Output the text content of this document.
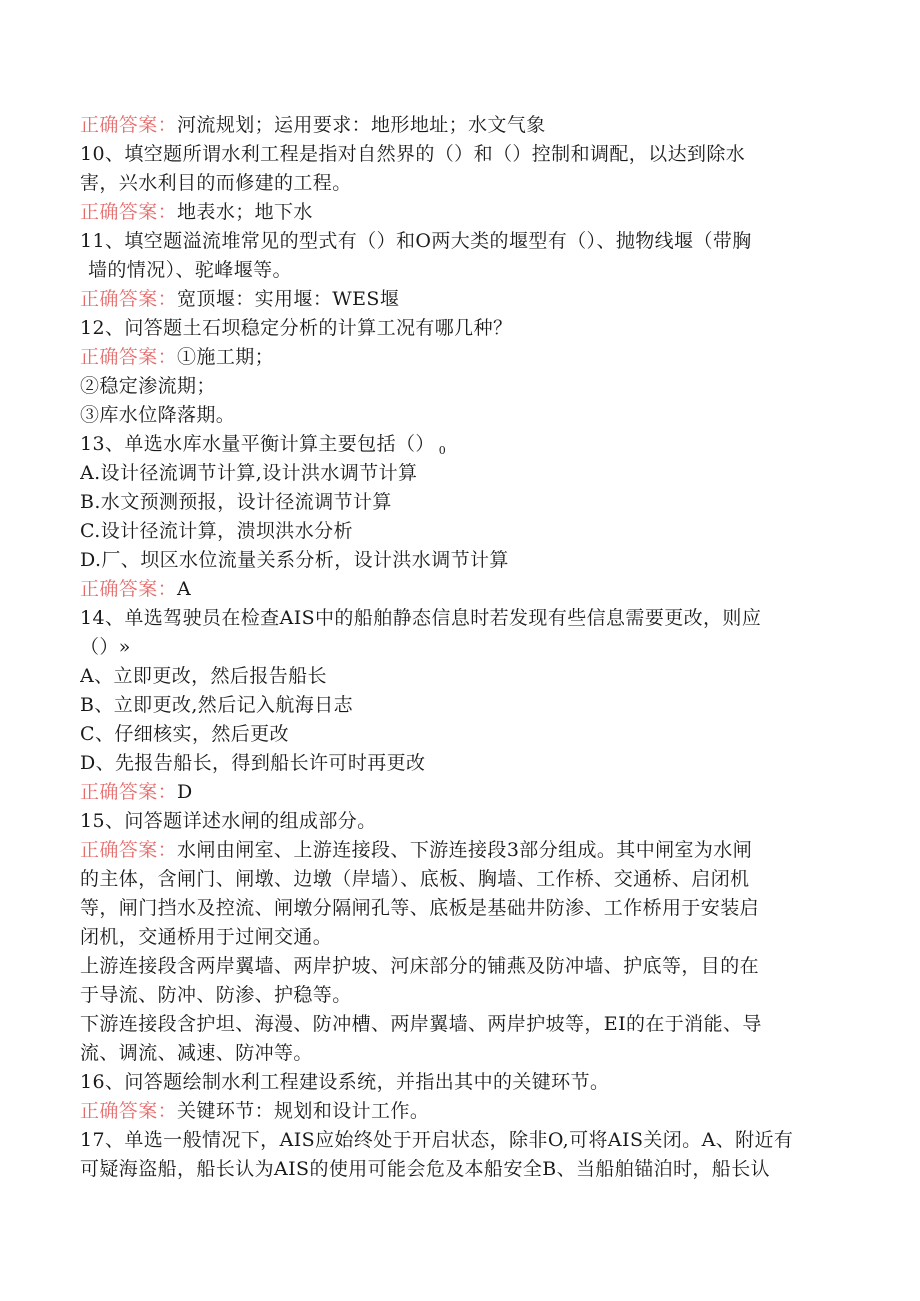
正确答案：河流规划；运用要求：地形地址；水文气象
10、填空题所谓水利工程是指对自然界的（）和（）控制和调配，以达到除水
害，兴水利目的而修建的工程。
正确答案：地表水；地下水
11、填空题溢流堆常见的型式有（）和O两大类的堰型有（）、抛物线堰（带胸
墙的情况）、驼峰堰等。
正确答案：宽顶堰：实用堰：WES堰
12、问答题土石坝稳定分析的计算工况有哪几种？
正确答案：①施工期；
②稳定渗流期；
③库水位降落期。
13、单选水库水量平衡计算主要包括（） $_0$
A.设计径流调节计算,设计洪水调节计算
B.水文预测预报，设计径流调节计算
C.设计径流计算，溃坝洪水分析
D.厂、坝区水位流量关系分析，设计洪水调节计算
正确答案：A
14、单选驾驶员在检查AIS中的船舶静态信息时若发现有些信息需要更改，则应
（）»
A、立即更改，然后报告船长
B、立即更改,然后记入航海日志
C、仔细核实，然后更改
D、先报告船长，得到船长许可时再更改
正确答案：D
15、问答题详述水闸的组成部分。
正确答案：水闸由闸室、上游连接段、下游连接段3部分组成。其中闸室为水闸
的主体，含闸门、闸墩、边墩（岸墙）、底板、胸墙、工作桥、交通桥、启闭机
等，闸门挡水及控流、闸墩分隔闸孔等、底板是基础井防渗、工作桥用于安装启
闭机，交通桥用于过闸交通。
上游连接段含两岸翼墙、两岸护坡、河床部分的铺燕及防冲墙、护底等，目的在
于导流、防冲、防渗、护稳等。
下游连接段含护坦、海漫、防冲槽、两岸翼墙、两岸护坡等，EI的在于消能、导
流、调流、减速、防冲等。
16、问答题绘制水利工程建设系统，并指出其中的关键环节。
正确答案：关键环节：规划和设计工作。
17、单选一般情况下，AIS应始终处于开启状态，除非O,可将AIS关闭。A、附近有
可疑海盗船，船长认为AIS的使用可能会危及本船安全B、当船舶锚泊时，船长认
